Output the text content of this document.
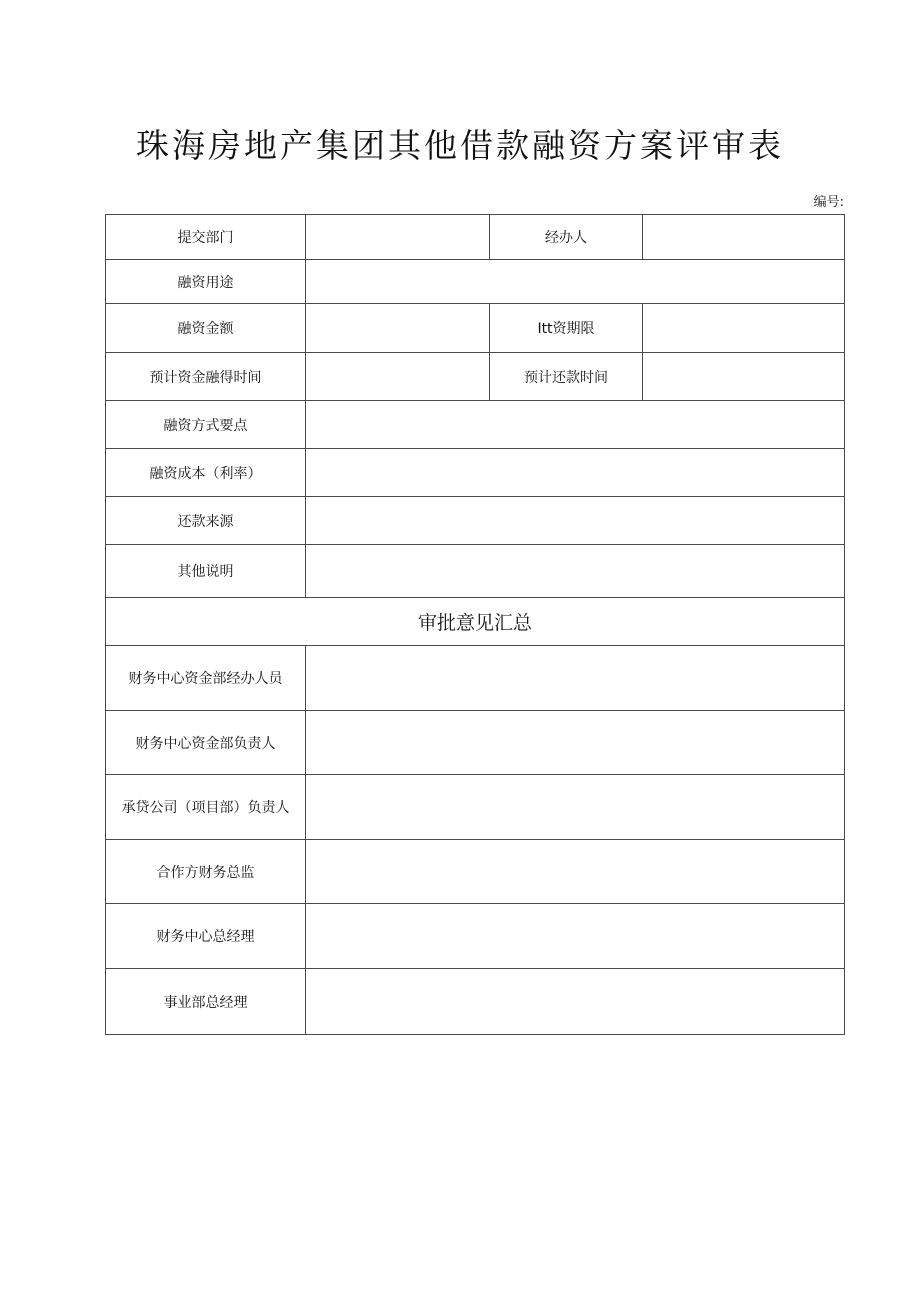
珠海房地产集团其他借款融资方案评审表
编号:
提交部门		经办人	
融资用途			
融资金额		Itt资期限	
预计资金融得时间		预计还款时间	
融资方式要点			
融资成本（利率）			
还款来源			
其他说明			
审批意见汇总			
财务中心资金部经办人员			
财务中心资金部负责人			
承贷公司（项目部）负责人			
合作方财务总监			
财务中心总经理			
事业部总经理			
